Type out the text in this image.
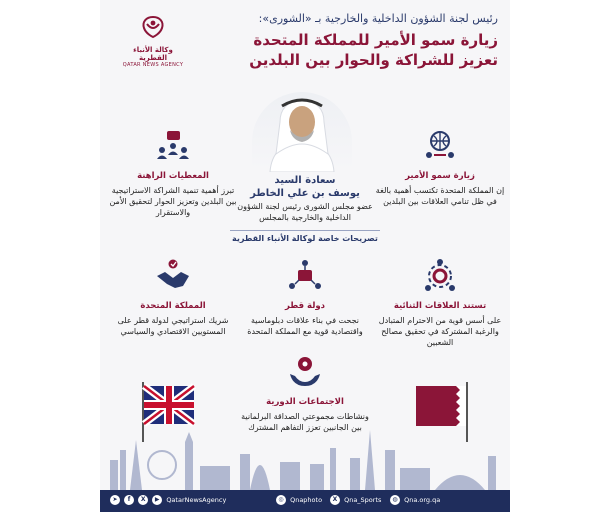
وكالة الأنباء القطرية
QATAR NEWS AGENCY
رئيس لجنة الشؤون الداخلية والخارجية بـ «الشورى»:
زيارة سمو الأمير للمملكة المتحدة
تعزيز للشراكة والحوار بين البلدين
سعادة السيد
يوسف بن علي الخاطر
عضو مجلس الشورى رئيس لجنة الشؤون الداخلية والخارجية بالمجلس
تصريحات خاصة لوكالة الأنباء القطرية
زيارة سمو الأمير
إن المملكة المتحدة تكتسب أهمية بالغة في ظل تنامي العلاقات بين البلدين
المعطيات الراهنة
تبرز أهمية تنمية الشراكة الاستراتيجية بين البلدين وتعزيز الحوار لتحقيق الأمن والاستقرار
تستند العلاقات الثنائية
على أسس قوية من الاحترام المتبادل والرغبة المشتركة في تحقيق مصالح الشعبين
دولة قطر
نجحت في بناء علاقات دبلوماسية واقتصادية قوية مع المملكة المتحدة
المملكة المتحدة
شريك استراتيجي لدولة قطر على المستويين الاقتصادي والسياسي
الاجتماعات الدورية
ونشاطات مجموعتي الصداقة البرلمانية بين الجانبين تعزز التفاهم المشترك
➤
	f
	X
	▶	QatarNewsAgency	◎ Qnaphoto	X	Qna_Sports	◍ Qna.org.qa
